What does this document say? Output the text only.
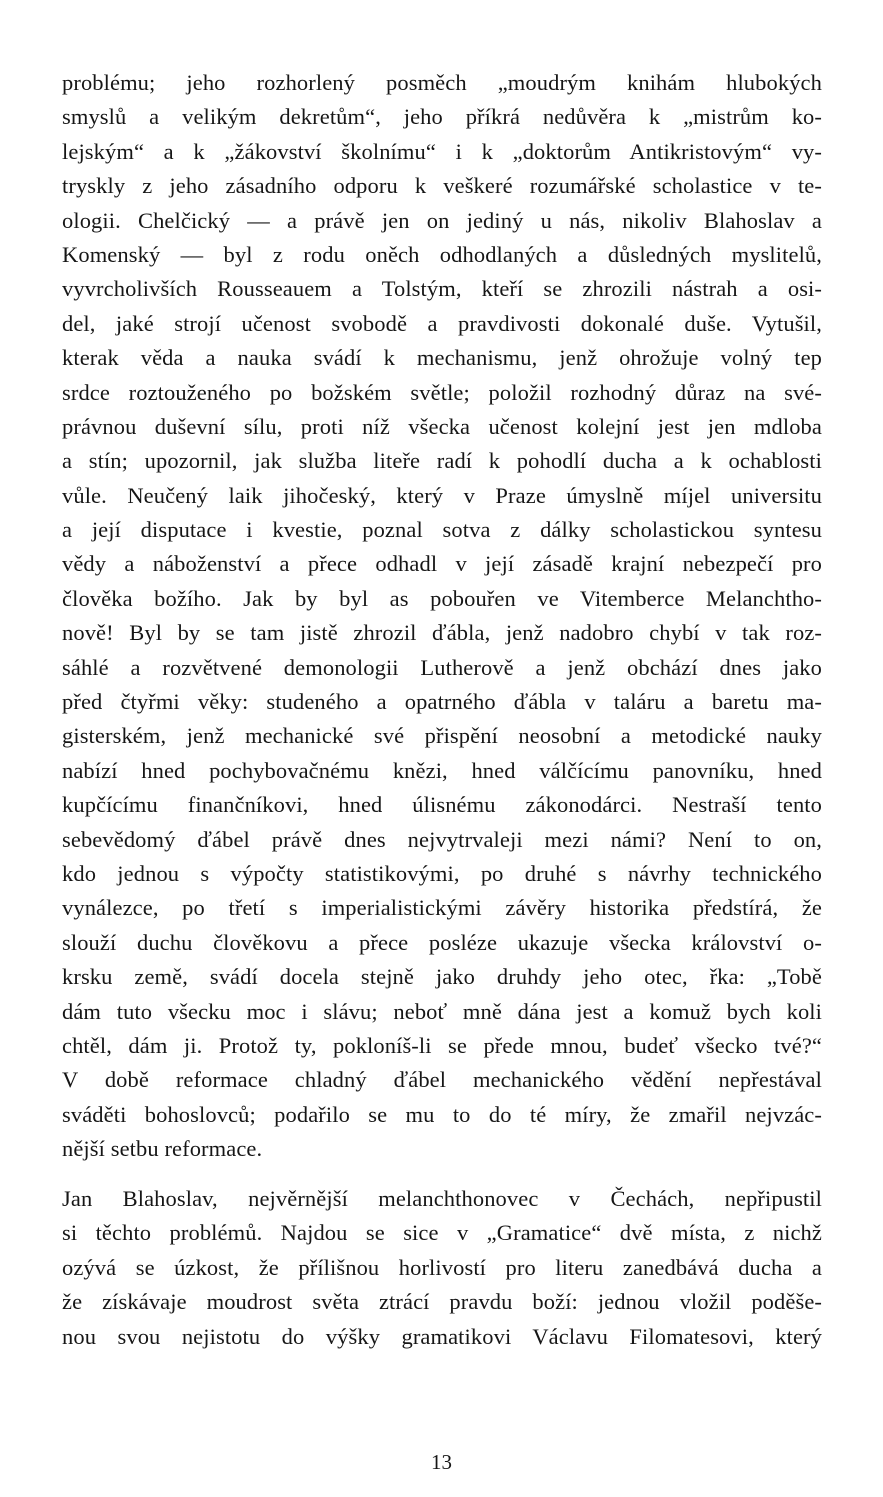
problému; jeho rozhorlený posměch „moudrým knihám hlubokých
smyslů a velikým dekretům“, jeho příkrá nedůvěra k „mistrům ko-
lejským“ a k „žákovství školnímu“ i k „doktorům Antikristovým“ vy-
tryskly z jeho zásadního odporu k veškeré rozumářské scholastice v te-
ologii. Chelčický — a právě jen on jediný u nás, nikoliv Blahoslav a
Komenský — byl z rodu oněch odhodlaných a důsledných myslitelů,
vyvrcholivších Rousseauem a Tolstým, kteří se zhrozili nástrah a osi-
del, jaké strojí učenost svobodě a pravdivosti dokonalé duše. Vytušil,
kterak věda a nauka svádí k mechanismu, jenž ohrožuje volný tep
srdce roztouženého po božském světle; položil rozhodný důraz na své-
právnou duševní sílu, proti níž všecka učenost kolejní jest jen mdloba
a stín; upozornil, jak služba liteře radí k pohodlí ducha a k ochablosti
vůle. Neučený laik jihočeský, který v Praze úmyslně míjel universitu
a její disputace i kvestie, poznal sotva z dálky scholastickou syntesu
vědy a náboženství a přece odhadl v její zásadě krajní nebezpečí pro
člověka božího. Jak by byl as pobouřen ve Vitemberce Melanchtho-
nově! Byl by se tam jistě zhrozil ďábla, jenž nadobro chybí v tak roz-
sáhlé a rozvětvené demonologii Lutherově a jenž obchází dnes jako
před čtyřmi věky: studeného a opatrného ďábla v taláru a baretu ma-
gisterském, jenž mechanické své přispění neosobní a metodické nauky
nabízí hned pochybovačnému knězi, hned válčícímu panovníku, hned
kupčícímu finančníkovi, hned úlisnému zákonodárci. Nestraší tento
sebevědomý ďábel právě dnes nejvytrvaleji mezi námi? Není to on,
kdo jednou s výpočty statistikovými, po druhé s návrhy technického
vynálezce, po třetí s imperialistickými závěry historika předstírá, že
slouží duchu člověkovu a přece posléze ukazuje všecka království o-
krsku země, svádí docela stejně jako druhdy jeho otec, řka: „Tobě
dám tuto všecku moc i slávu; neboť mně dána jest a komuž bych koli
chtěl, dám ji. Protož ty, pokloníš-li se přede mnou, budeť všecko tvé?“
V době reformace chladný ďábel mechanického vědění nepřestával
sváděti bohoslovců; podařilo se mu to do té míry, že zmařil nejvzác-
nější setbu reformace.
Jan Blahoslav, nejvěrnější melanchthonovec v Čechách, nepřipustil
si těchto problémů. Najdou se sice v „Gramatice“ dvě místa, z nichž
ozývá se úzkost, že přílišnou horlivostí pro literu zanedbává ducha a
že získávaje moudrost světa ztrácí pravdu boží: jednou vložil poděše-
nou svou nejistotu do výšky gramatikovi Václavu Filomatesovi, který
13
